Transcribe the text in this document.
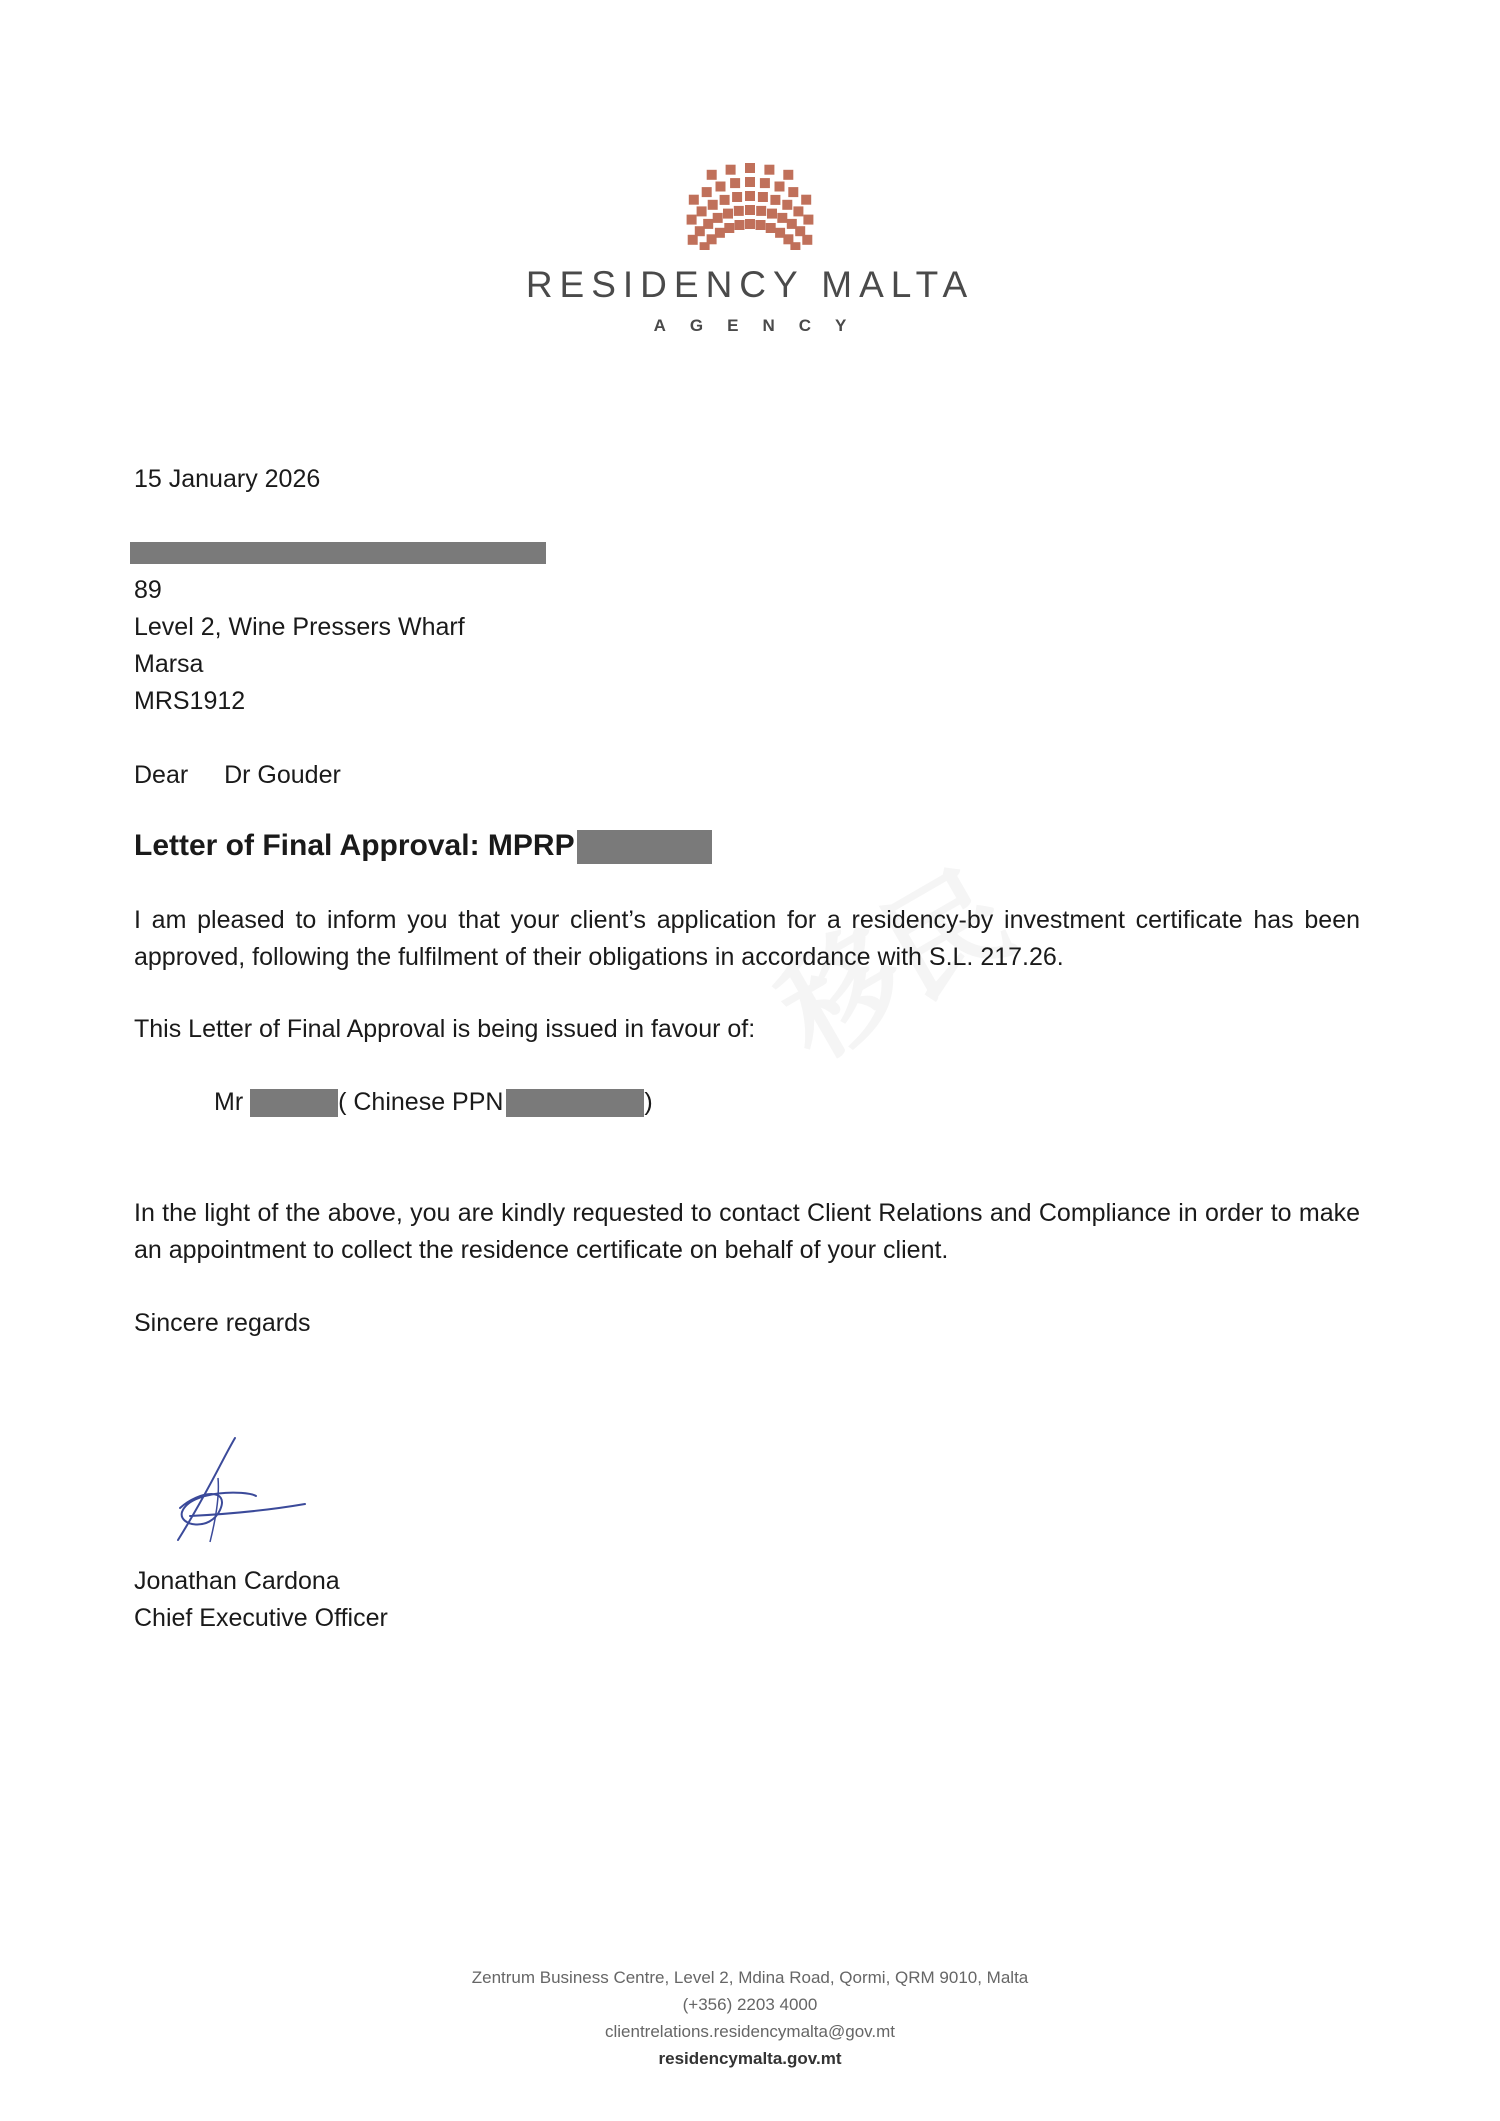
移民
RESIDENCY MALTA
AGENCY
15 January 2026
89
Level 2, Wine Pressers Wharf
Marsa
MRS1912
Dear Dr Gouder
Letter of Final Approval: MPRP
I am pleased to inform you that your client’s application for a residency-by investment certificate has been approved, following the fulfilment of their obligations in accordance with S.L. 217.26.
This Letter of Final Approval is being issued in favour of:
Mr	( Chinese PPN	)
In the light of the above, you are kindly requested to contact Client Relations and Compliance in order to make an appointment to collect the residence certificate on behalf of your client.
Sincere regards
Jonathan Cardona
Chief Executive Officer
Zentrum Business Centre, Level 2, Mdina Road, Qormi, QRM 9010, Malta
(+356) 2203 4000
clientrelations.residencymalta@gov.mt
residencymalta.gov.mt
